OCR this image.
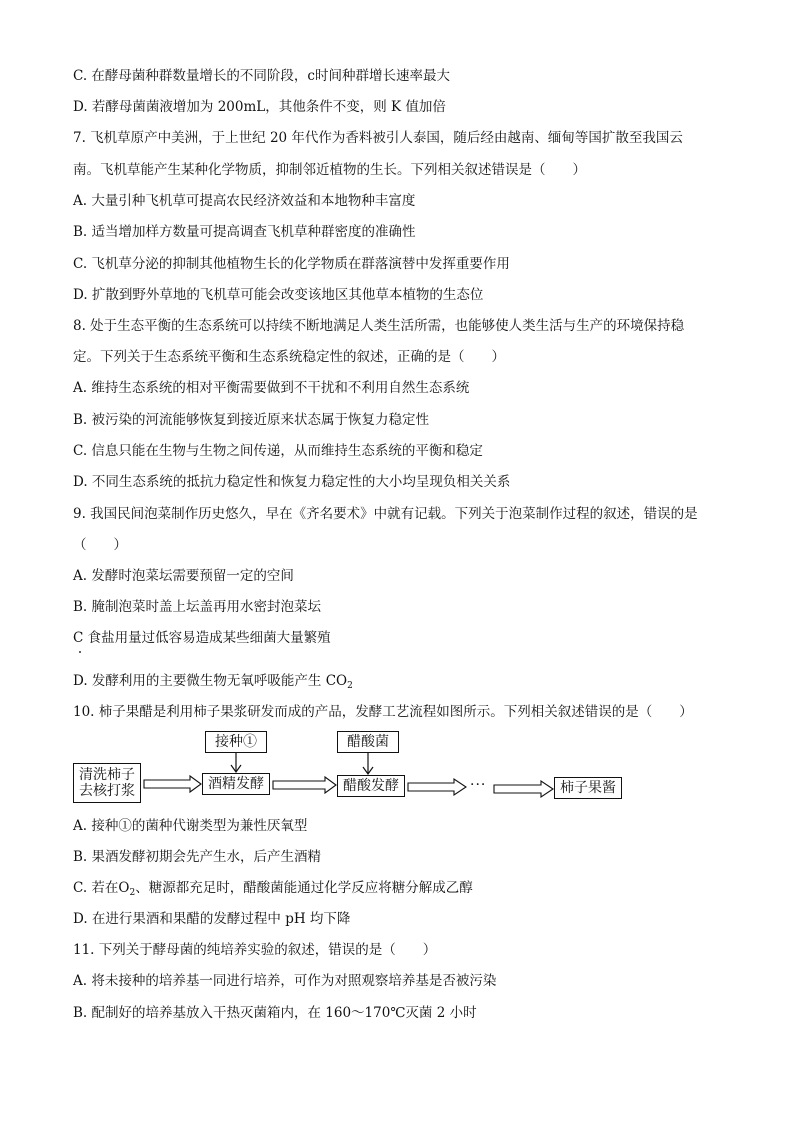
C. 在酵母菌种群数量增长的不同阶段，c时间种群增长速率最大
D. 若酵母菌菌液增加为 200mL，其他条件不变，则 K 值加倍
7. 飞机草原产中美洲，于上世纪 20 年代作为香料被引人泰国，随后经由越南、缅甸等国扩散至我国云
南。飞机草能产生某种化学物质，抑制邻近植物的生长。下列相关叙述错误是（　　）
A. 大量引种飞机草可提高农民经济效益和本地物种丰富度
B. 适当增加样方数量可提高调查飞机草种群密度的准确性
C. 飞机草分泌的抑制其他植物生长的化学物质在群落演替中发挥重要作用
D. 扩散到野外草地的飞机草可能会改变该地区其他草本植物的生态位
8. 处于生态平衡的生态系统可以持续不断地满足人类生活所需，也能够使人类生活与生产的环境保持稳
定。下列关于生态系统平衡和生态系统稳定性的叙述，正确的是（　　）
A. 维持生态系统的相对平衡需要做到不干扰和不利用自然生态系统
B. 被污染的河流能够恢复到接近原来状态属于恢复力稳定性
C. 信息只能在生物与生物之间传递，从而维持生态系统的平衡和稳定
D. 不同生态系统的抵抗力稳定性和恢复力稳定性的大小均呈现负相关关系
9. 我国民间泡菜制作历史悠久，早在《齐名要术》中就有记载。下列关于泡菜制作过程的叙述，错误的是
（　　）
A. 发酵时泡菜坛需要预留一定的空间
B. 腌制泡菜时盖上坛盖再用水密封泡菜坛
C 食盐用量过低容易造成某些细菌大量繁殖
D. 发酵利用的主要微生物无氧呼吸能产生 $CO_2$
10. 柿子果醋是利用柿子果浆研发而成的产品，发酵工艺流程如图所示。下列相关叙述错误的是（　　）
清洗柿子
去核打浆	酒精发酵	醋酸发酵	柿子果酱
接种①	醋酸菌
···
A. 接种①的菌种代谢类型为兼性厌氧型
B. 果酒发酵初期会先产生水，后产生酒精
C. 若在$O_2$、糖源都充足时，醋酸菌能通过化学反应将糖分解成乙醇
D. 在进行果酒和果醋的发酵过程中 pH 均下降
11. 下列关于酵母菌的纯培养实验的叙述，错误的是（　　）
A. 将未接种的培养基一同进行培养，可作为对照观察培养基是否被污染
B. 配制好的培养基放入干热灭菌箱内，在 160～170℃灭菌 2 小时
